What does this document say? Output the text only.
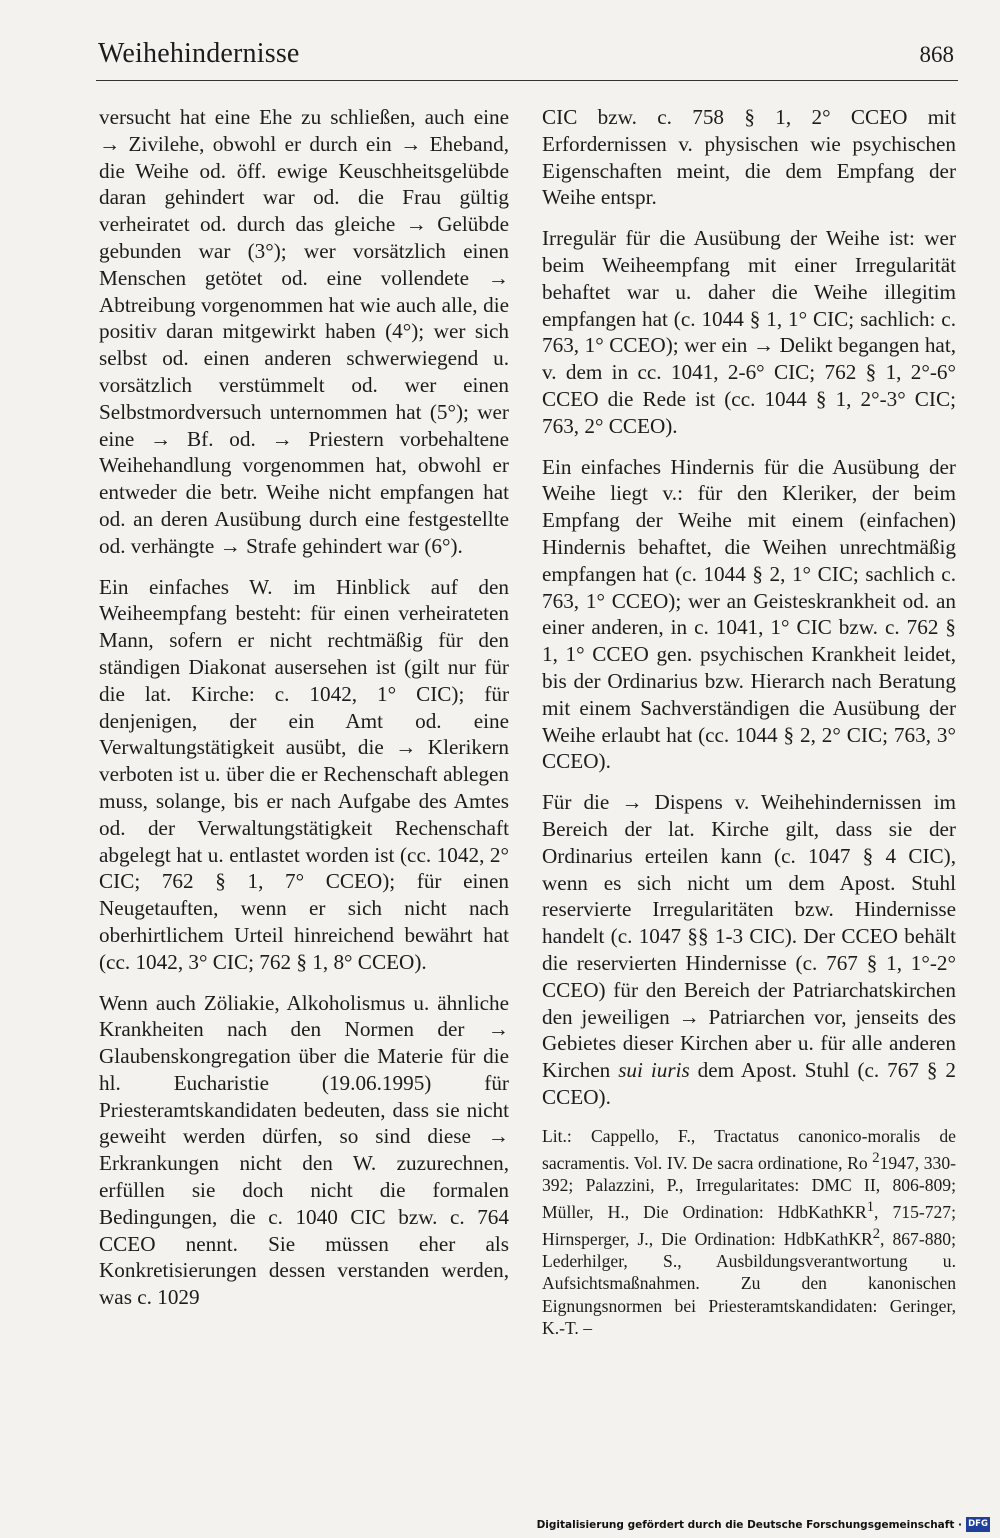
Weihehindernisse	868

versucht hat eine Ehe zu schließen, auch eine → Zivilehe, obwohl er durch ein → Eheband, die Weihe od. öff. ewige Keuschheitsgelübde daran gehindert war od. die Frau gültig verheiratet od. durch das gleiche → Gelübde gebunden war (3°); wer vorsätzlich einen Menschen getötet od. eine vollendete → Abtreibung vorgenommen hat wie auch alle, die positiv daran mitgewirkt haben (4°); wer sich selbst od. einen anderen schwerwiegend u. vorsätzlich verstümmelt od. wer einen Selbstmordversuch unternommen hat (5°); wer eine → Bf. od. → Priestern vorbehaltene Weihehandlung vorgenommen hat, obwohl er entweder die betr. Weihe nicht empfangen hat od. an deren Ausübung durch eine festgestellte od. verhängte → Strafe gehindert war (6°).

Ein einfaches W. im Hinblick auf den Weiheempfang besteht: für einen verheirateten Mann, sofern er nicht rechtmäßig für den ständigen Diakonat ausersehen ist (gilt nur für die lat. Kirche: c. 1042, 1° CIC); für denjenigen, der ein Amt od. eine Verwaltungstätigkeit ausübt, die → Klerikern verboten ist u. über die er Rechenschaft ablegen muss, solange, bis er nach Aufgabe des Amtes od. der Verwaltungstätigkeit Rechenschaft abgelegt hat u. entlastet worden ist (cc. 1042, 2° CIC; 762 § 1, 7° CCEO); für einen Neugetauften, wenn er sich nicht nach oberhirtlichem Urteil hinreichend bewährt hat (cc. 1042, 3° CIC; 762 § 1, 8° CCEO).

Wenn auch Zöliakie, Alkoholismus u. ähnliche Krankheiten nach den Normen der → Glaubenskongregation über die Materie für die hl. Eucharistie (19.06.1995) für Priesteramtskandidaten bedeuten, dass sie nicht geweiht werden dürfen, so sind diese → Erkrankungen nicht den W. zuzurechnen, erfüllen sie doch nicht die formalen Bedingungen, die c. 1040 CIC bzw. c. 764 CCEO nennt. Sie müssen eher als Konkretisierungen dessen verstanden werden, was c. 1029

CIC bzw. c. 758 § 1, 2° CCEO mit Erfordernissen v. physischen wie psychischen Eigenschaften meint, die dem Empfang der Weihe entspr.

Irregulär für die Ausübung der Weihe ist: wer beim Weiheempfang mit einer Irregularität behaftet war u. daher die Weihe illegitim empfangen hat (c. 1044 § 1, 1° CIC; sachlich: c. 763, 1° CCEO); wer ein → Delikt begangen hat, v. dem in cc. 1041, 2-6° CIC; 762 § 1, 2°-6° CCEO die Rede ist (cc. 1044 § 1, 2°-3° CIC; 763, 2° CCEO).

Ein einfaches Hindernis für die Ausübung der Weihe liegt v.: für den Kleriker, der beim Empfang der Weihe mit einem (einfachen) Hindernis behaftet, die Weihen unrechtmäßig empfangen hat (c. 1044 § 2, 1° CIC; sachlich c. 763, 1° CCEO); wer an Geisteskrankheit od. an einer anderen, in c. 1041, 1° CIC bzw. c. 762 § 1, 1° CCEO gen. psychischen Krankheit leidet, bis der Ordinarius bzw. Hierarch nach Beratung mit einem Sachverständigen die Ausübung der Weihe erlaubt hat (cc. 1044 § 2, 2° CIC; 763, 3° CCEO).

Für die → Dispens v. Weihehindernissen im Bereich der lat. Kirche gilt, dass sie der Ordinarius erteilen kann (c. 1047 § 4 CIC), wenn es sich nicht um dem Apost. Stuhl reservierte Irregularitäten bzw. Hindernisse handelt (c. 1047 §§ 1-3 CIC). Der CCEO behält die reservierten Hindernisse (c. 767 § 1, 1°-2° CCEO) für den Bereich der Patriarchatskirchen den jeweiligen → Patriarchen vor, jenseits des Gebietes dieser Kirchen aber u. für alle anderen Kirchen sui iuris dem Apost. Stuhl (c. 767 § 2 CCEO).

Lit.: Cappello, F., Tractatus canonico-moralis de sacramentis. Vol. IV. De sacra ordinatione, Ro $^2$1947, 330-392; Palazzini, P., Irregularitates: DMC II, 806-809; Müller, H., Die Ordination: HdbKathKR$^1$, 715-727; Hirnsperger, J., Die Ordination: HdbKathKR$^2$, 867-880; Lederhilger, S., Ausbildungsverantwortung u. Aufsichtsmaßnahmen. Zu den kanonischen Eignungsnormen bei Priesteramtskandidaten: Geringer, K.-T. –

Digitalisierung gefördert durch die Deutsche Forschungsgemeinschaft · DFG
